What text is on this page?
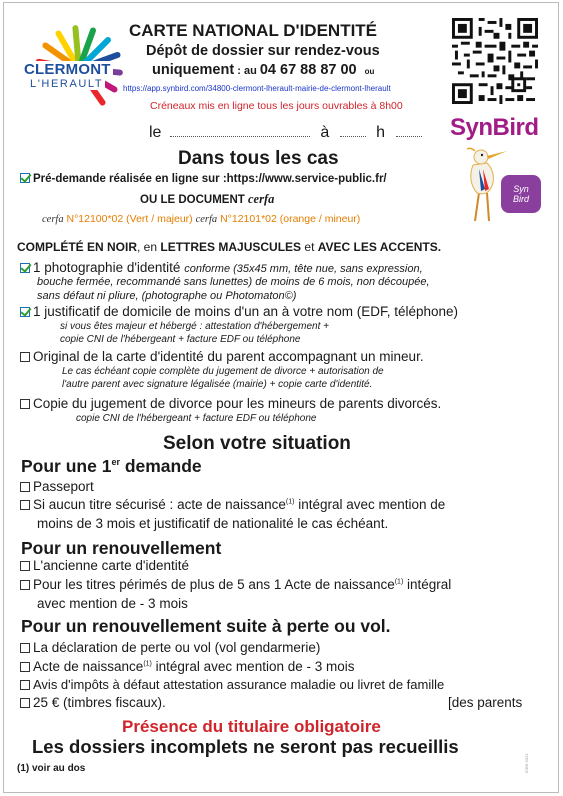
CLERMONT
L'HERAULT
CARTE NATIONAL D'IDENTITÉ
Dépôt de dossier sur rendez-vous
uniquement : au 04 67 88 87 00 ou
https://app.synbird.com/34800-clermont-lherault-mairie-de-clermont-lherault
Créneaux mis en ligne tous les jours ouvrables à 8h00
SynBird
le	à	h
Syn
Bird
Dans tous les cas
Pré-demande réalisée en ligne sur :https://www.service-public.fr/
OU LE DOCUMENT cerfa
cerfa N°12100*02 (Vert / majeur) cerfa N°12101*02 (orange / mineur)
COMPLÉTÉ EN NOIR, en LETTRES MAJUSCULES et AVEC LES ACCENTS.
1 photographie d'identité conforme (35x45 mm, tête nue, sans expression,
bouche fermée, recommandé sans lunettes) de moins de 6 mois, non découpée,
sans défaut ni pliure, (photographe ou Photomaton©)
1 justificatif de domicile de moins d'un an à votre nom (EDF, téléphone)
si vous êtes majeur et hébergé : attestation d'hébergement +
copie CNI de l'hébergeant + facture EDF ou téléphone
Original de la carte d'identité du parent accompagnant un mineur.
Le cas échéant copie complète du jugement de divorce + autorisation de
l'autre parent avec signature légalisée (mairie) + copie carte d'identité.
Copie du jugement de divorce pour les mineurs de parents divorcés.
copie CNI de l'hébergeant + facture EDF ou téléphone
Selon votre situation
Pour une 1er demande
Passeport
Si aucun titre sécurisé : acte de naissance$^{(1)}$ intégral avec mention de
moins de 3 mois et justificatif de nationalité le cas échéant.
Pour un renouvellement
L'ancienne carte d'identité
Pour les titres périmés de plus de 5 ans 1 Acte de naissance$^{(1)}$ intégral
avec mention de - 3 mois
Pour un renouvellement suite à perte ou vol.
La déclaration de perte ou vol (vol gendarmerie)
Acte de naissance$^{(1)}$ intégral avec mention de - 3 mois
Avis d'impôts à défaut attestation assurance maladie ou livret de famille
25 € (timbres fiscaux).	[des parents
Présence du titulaire obligatoire
Les dossiers incomplets ne seront pas recueillis
(1) voir au dos	ICBH 2021
